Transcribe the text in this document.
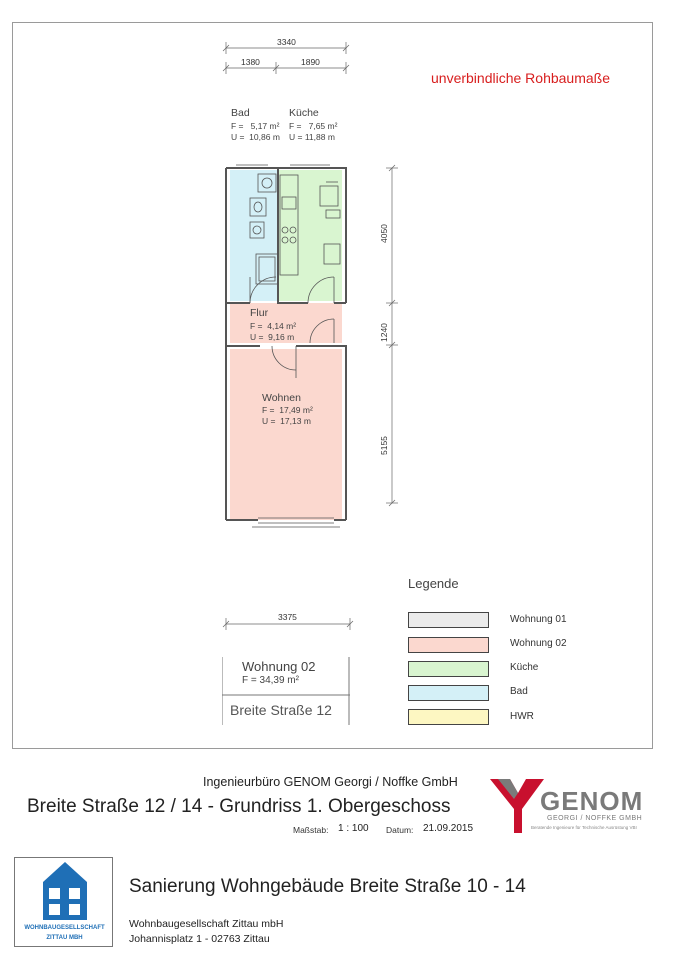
unverbindliche Rohbaumaße
3340
1380	1890
3375
4050
1240
5155
Bad
F =   5,17 m²
U =  10,86 m
Küche
F =   7,65 m²
U = 11,88 m
Flur
F =  4,14 m²
U =  9,16 m
Wohnen
F =  17,49 m²
U =  17,13 m
Legende
Wohnung 01
Wohnung 02
Küche
Bad
HWR
Wohnung 02
F = 34,39 m²
Breite Straße 12
Ingenieurbüro GENOM Georgi / Noffke GmbH
Breite Straße 12 / 14 - Grundriss 1. Obergeschoss
Maßstab: 1 : 100 Datum: 21.09.2015
GENOM
GEORGI / NOFFKE GMBH
Beratende Ingenieure für Technische Ausrüstung VBI
WOHNBAUGESELLSCHAFT
ZITTAU MBH
Sanierung Wohngebäude Breite Straße 10 - 14
Wohnbaugesellschaft Zittau mbH
Johannisplatz 1 - 02763 Zittau
